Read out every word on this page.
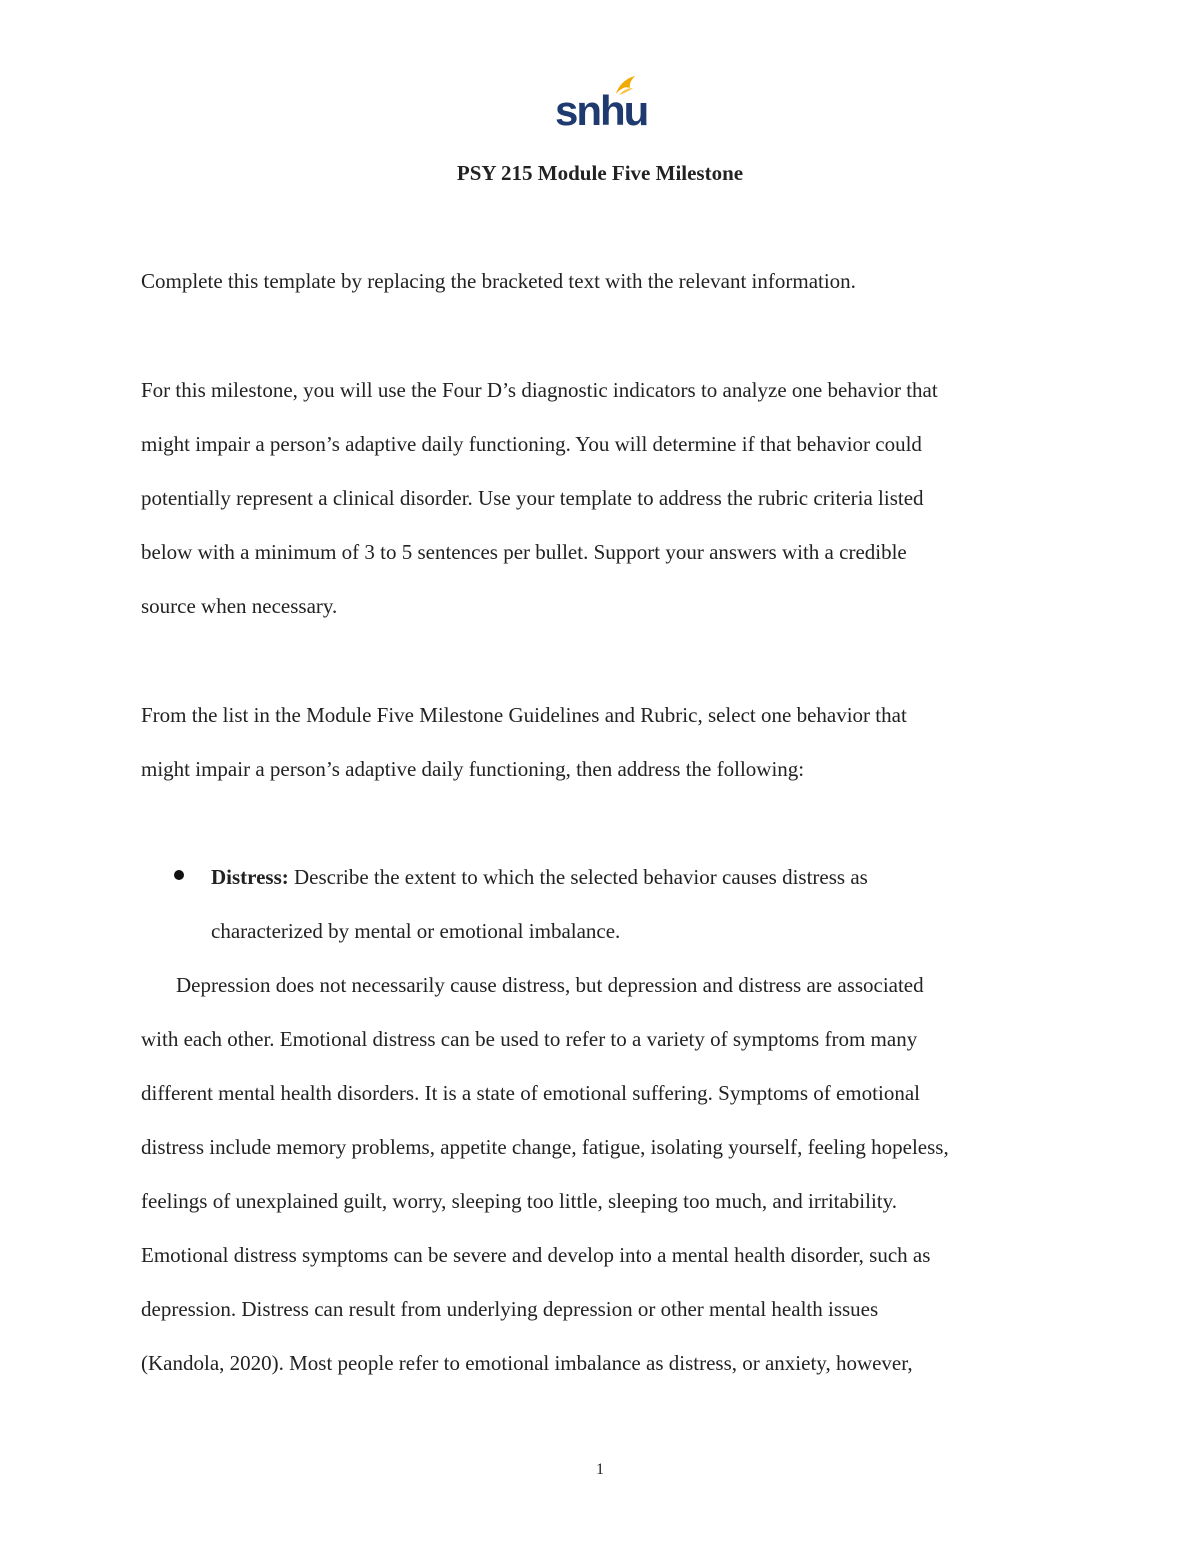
snhu
PSY 215 Module Five Milestone
Complete this template by replacing the bracketed text with the relevant information.
For this milestone, you will use the Four D’s diagnostic indicators to analyze one behavior that
might impair a person’s adaptive daily functioning. You will determine if that behavior could
potentially represent a clinical disorder. Use your template to address the rubric criteria listed
below with a minimum of 3 to 5 sentences per bullet. Support your answers with a credible
source when necessary.
From the list in the Module Five Milestone Guidelines and Rubric, select one behavior that
might impair a person’s adaptive daily functioning, then address the following:
Distress: Describe the extent to which the selected behavior causes distress as
characterized by mental or emotional imbalance.
Depression does not necessarily cause distress, but depression and distress are associated
with each other. Emotional distress can be used to refer to a variety of symptoms from many
different mental health disorders. It is a state of emotional suffering. Symptoms of emotional
distress include memory problems, appetite change, fatigue, isolating yourself, feeling hopeless,
feelings of unexplained guilt, worry, sleeping too little, sleeping too much, and irritability.
Emotional distress symptoms can be severe and develop into a mental health disorder, such as
depression. Distress can result from underlying depression or other mental health issues
(Kandola, 2020). Most people refer to emotional imbalance as distress, or anxiety, however,
1
